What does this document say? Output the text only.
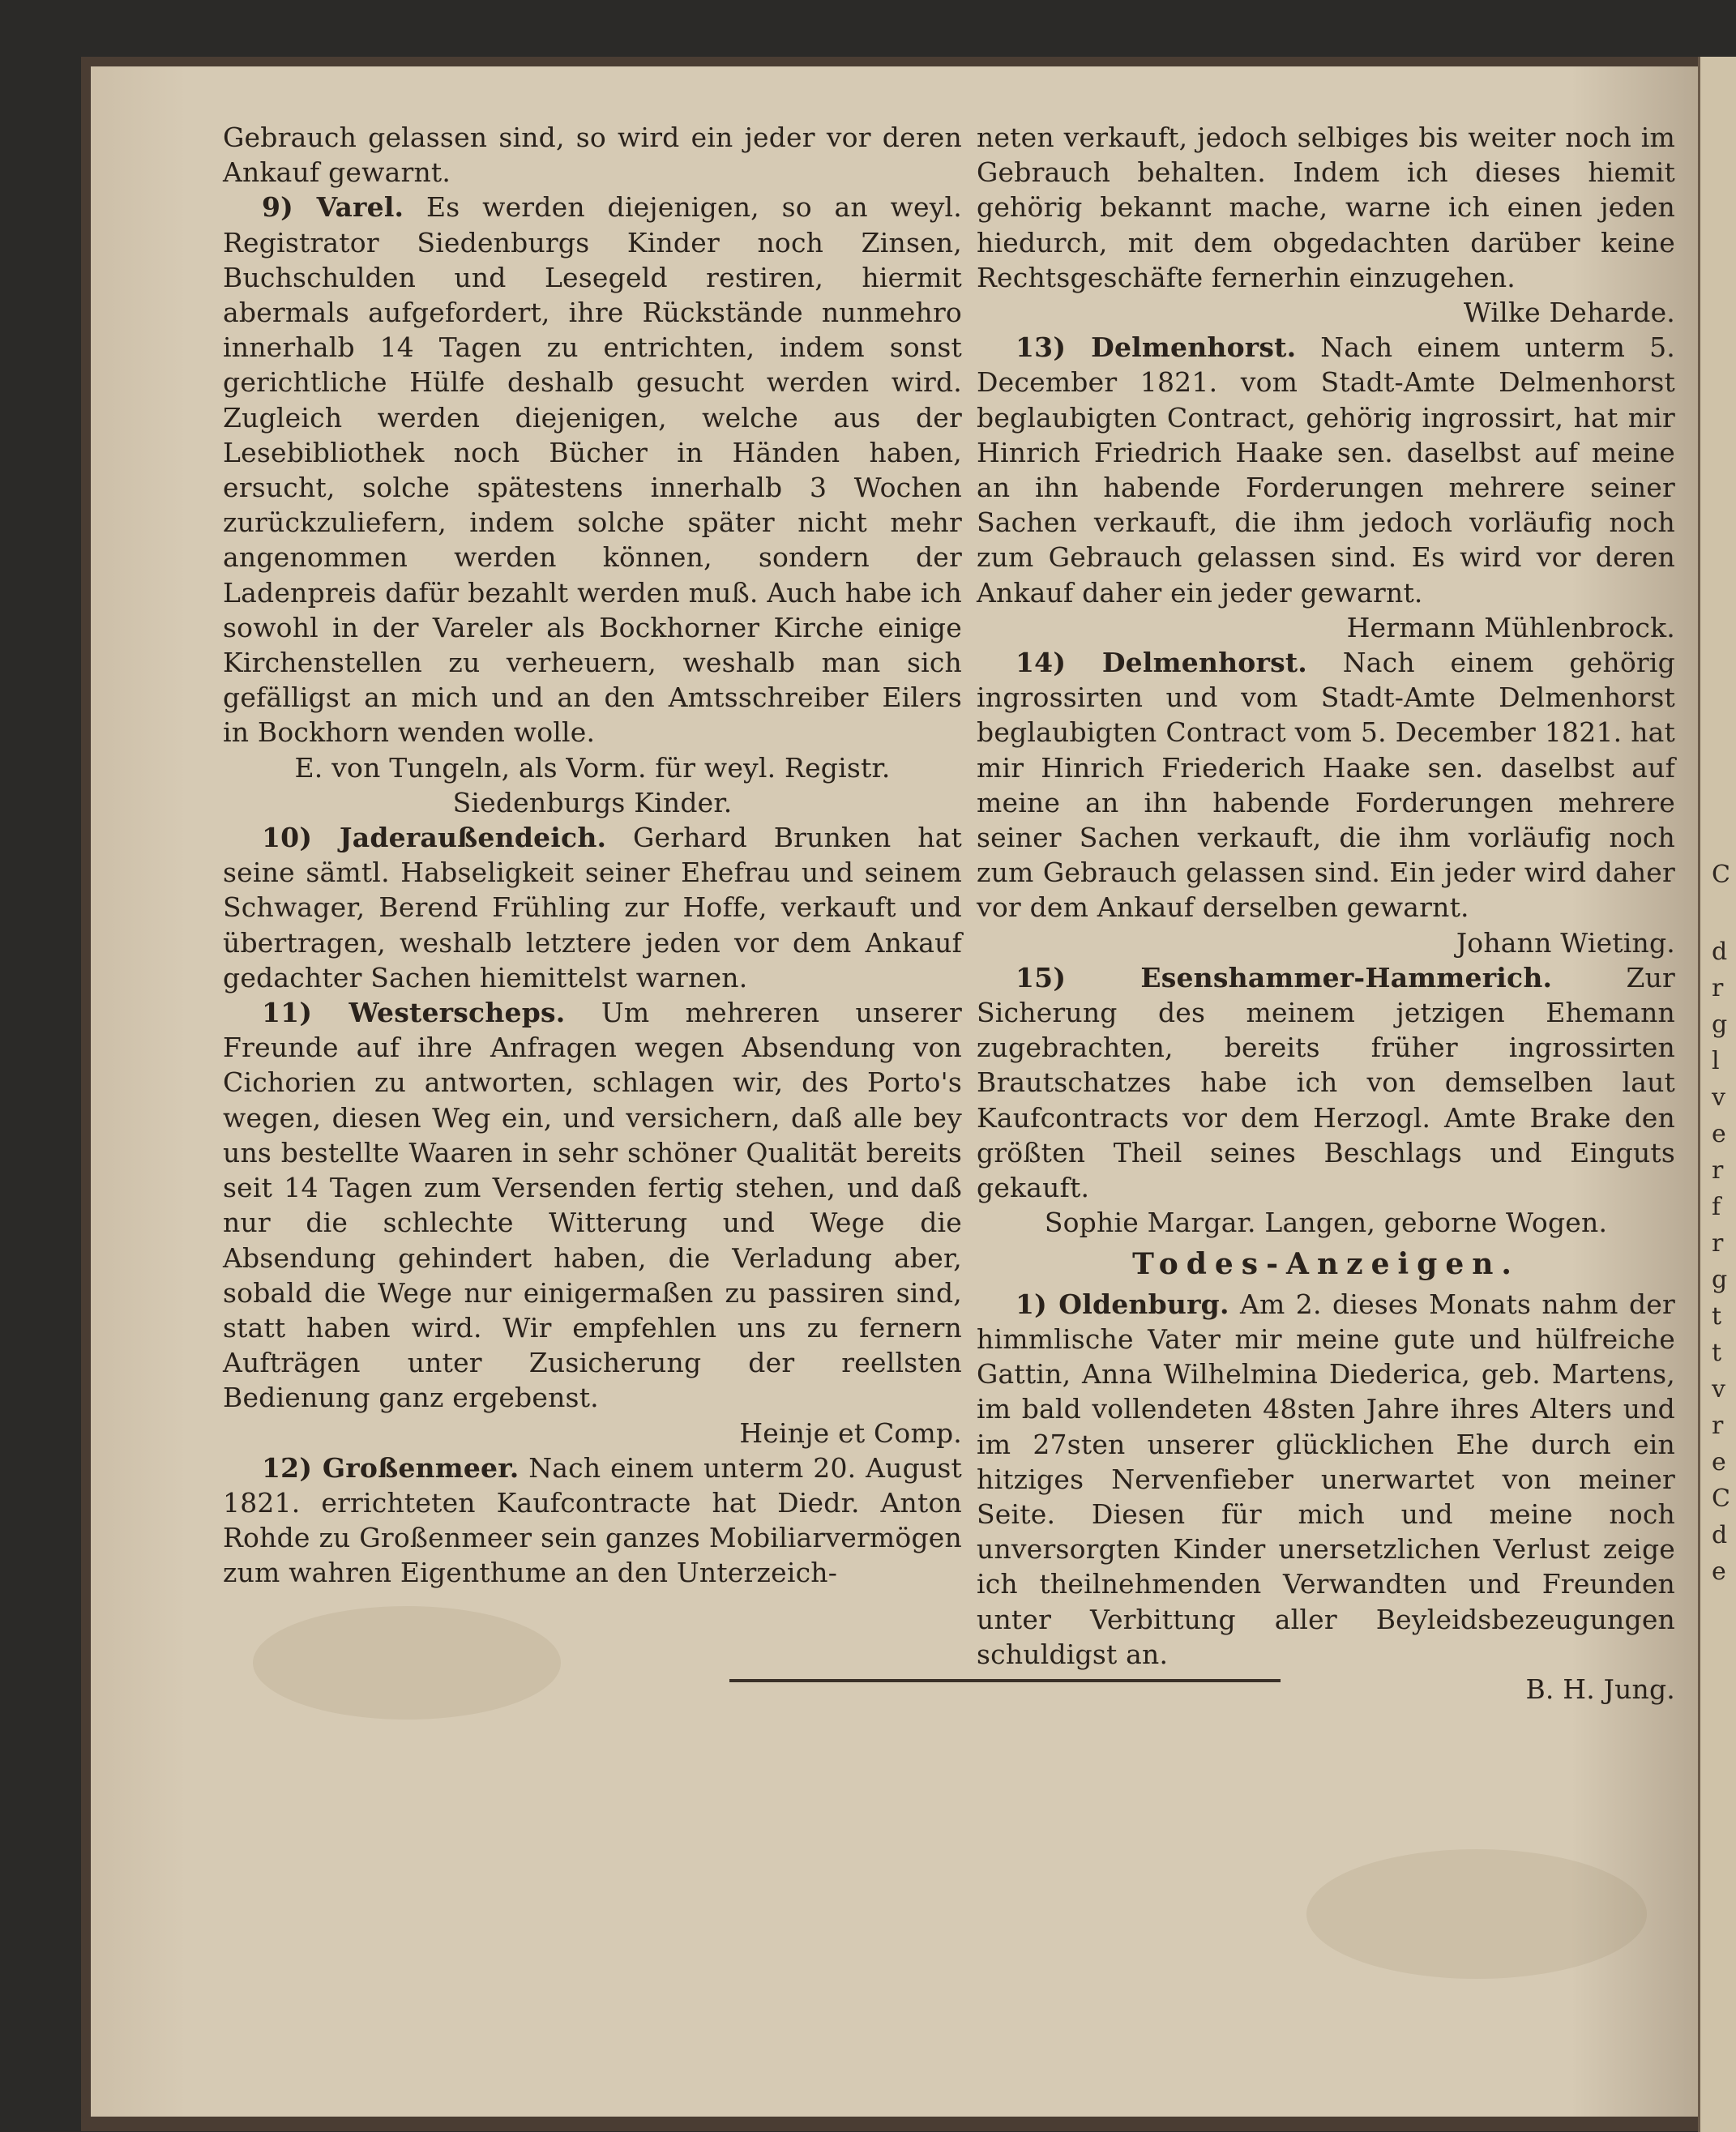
C
d
r
g
l
v
e
r
f
r
g
t
t
v
r
e
C
d
e

Gebrauch gelassen sind, so wird ein jeder vor deren Ankauf gewarnt.

9) Varel. Es werden diejenigen, so an weyl. Registrator Siedenburgs Kinder noch Zinsen, Buchschulden und Lesegeld restiren, hiermit abermals aufgefordert, ihre Rückstände nunmehro innerhalb 14 Tagen zu entrichten, indem sonst gerichtliche Hülfe deshalb gesucht werden wird. Zugleich werden diejenigen, welche aus der Lesebibliothek noch Bücher in Händen haben, ersucht, solche spätestens innerhalb 3 Wochen zurückzuliefern, indem solche später nicht mehr angenommen werden können, sondern der Ladenpreis dafür bezahlt werden muß. Auch habe ich sowohl in der Vareler als Bockhorner Kirche einige Kirchenstellen zu verheuern, weshalb man sich gefälligst an mich und an den Amtsschreiber Eilers in Bockhorn wenden wolle.

E. von Tungeln, als Vorm. für weyl. Registr. Siedenburgs Kinder.

10) Jaderaußendeich. Gerhard Brunken hat seine sämtl. Habseligkeit seiner Ehefrau und seinem Schwager, Berend Frühling zur Hoffe, verkauft und übertragen, weshalb letztere jeden vor dem Ankauf gedachter Sachen hiemittelst warnen.

11) Westerscheps. Um mehreren unserer Freunde auf ihre Anfragen wegen Absendung von Cichorien zu antworten, schlagen wir, des Porto's wegen, diesen Weg ein, und versichern, daß alle bey uns bestellte Waaren in sehr schöner Qualität bereits seit 14 Tagen zum Versenden fertig stehen, und daß nur die schlechte Witterung und Wege die Absendung gehindert haben, die Verladung aber, sobald die Wege nur einigermaßen zu passiren sind, statt haben wird. Wir empfehlen uns zu fernern Aufträgen unter Zusicherung der reellsten Bedienung ganz ergebenst.

Heinje et Comp.

12) Großenmeer. Nach einem unterm 20. August 1821. errichteten Kaufcontracte hat Diedr. Anton Rohde zu Großenmeer sein ganzes Mobiliarvermögen zum wahren Eigenthume an den Unterzeich-

neten verkauft, jedoch selbiges bis weiter noch im Gebrauch behalten. Indem ich dieses hiemit gehörig bekannt mache, warne ich einen jeden hiedurch, mit dem obgedachten darüber keine Rechtsgeschäfte fernerhin einzugehen.

Wilke Deharde.

13) Delmenhorst. Nach einem unterm 5. December 1821. vom Stadt-Amte Delmenhorst beglaubigten Contract, gehörig ingrossirt, hat mir Hinrich Friedrich Haake sen. daselbst auf meine an ihn habende Forderungen mehrere seiner Sachen verkauft, die ihm jedoch vorläufig noch zum Gebrauch gelassen sind. Es wird vor deren Ankauf daher ein jeder gewarnt.

Hermann Mühlenbrock.

14) Delmenhorst. Nach einem gehörig ingrossirten und vom Stadt-Amte Delmenhorst beglaubigten Contract vom 5. December 1821. hat mir Hinrich Friederich Haake sen. daselbst auf meine an ihn habende Forderungen mehrere seiner Sachen verkauft, die ihm vorläufig noch zum Gebrauch gelassen sind. Ein jeder wird daher vor dem Ankauf derselben gewarnt.

Johann Wieting.

15) Esenshammer-Hammerich.	Zur Sicherung des meinem jetzigen Ehemann zugebrachten, bereits früher ingrossirten Brautschatzes habe ich von demselben laut Kaufcontracts vor dem Herzogl. Amte Brake den größten Theil seines Beschlags und Einguts gekauft.

Sophie Margar. Langen, geborne Wogen.

Todes-Anzeigen.

1) Oldenburg. Am 2. dieses Monats nahm der himmlische Vater mir meine gute und hülfreiche Gattin, Anna Wilhelmina Diederica, geb. Martens, im bald vollendeten 48sten Jahre ihres Alters und im 27sten unserer glücklichen Ehe durch ein hitziges Nervenfieber unerwartet von meiner Seite. Diesen für mich und meine noch unversorgten Kinder unersetzlichen Verlust zeige ich theilnehmenden Verwandten und Freunden unter Verbittung aller Beyleidsbezeugungen schuldigst an.

B. H. Jung.
